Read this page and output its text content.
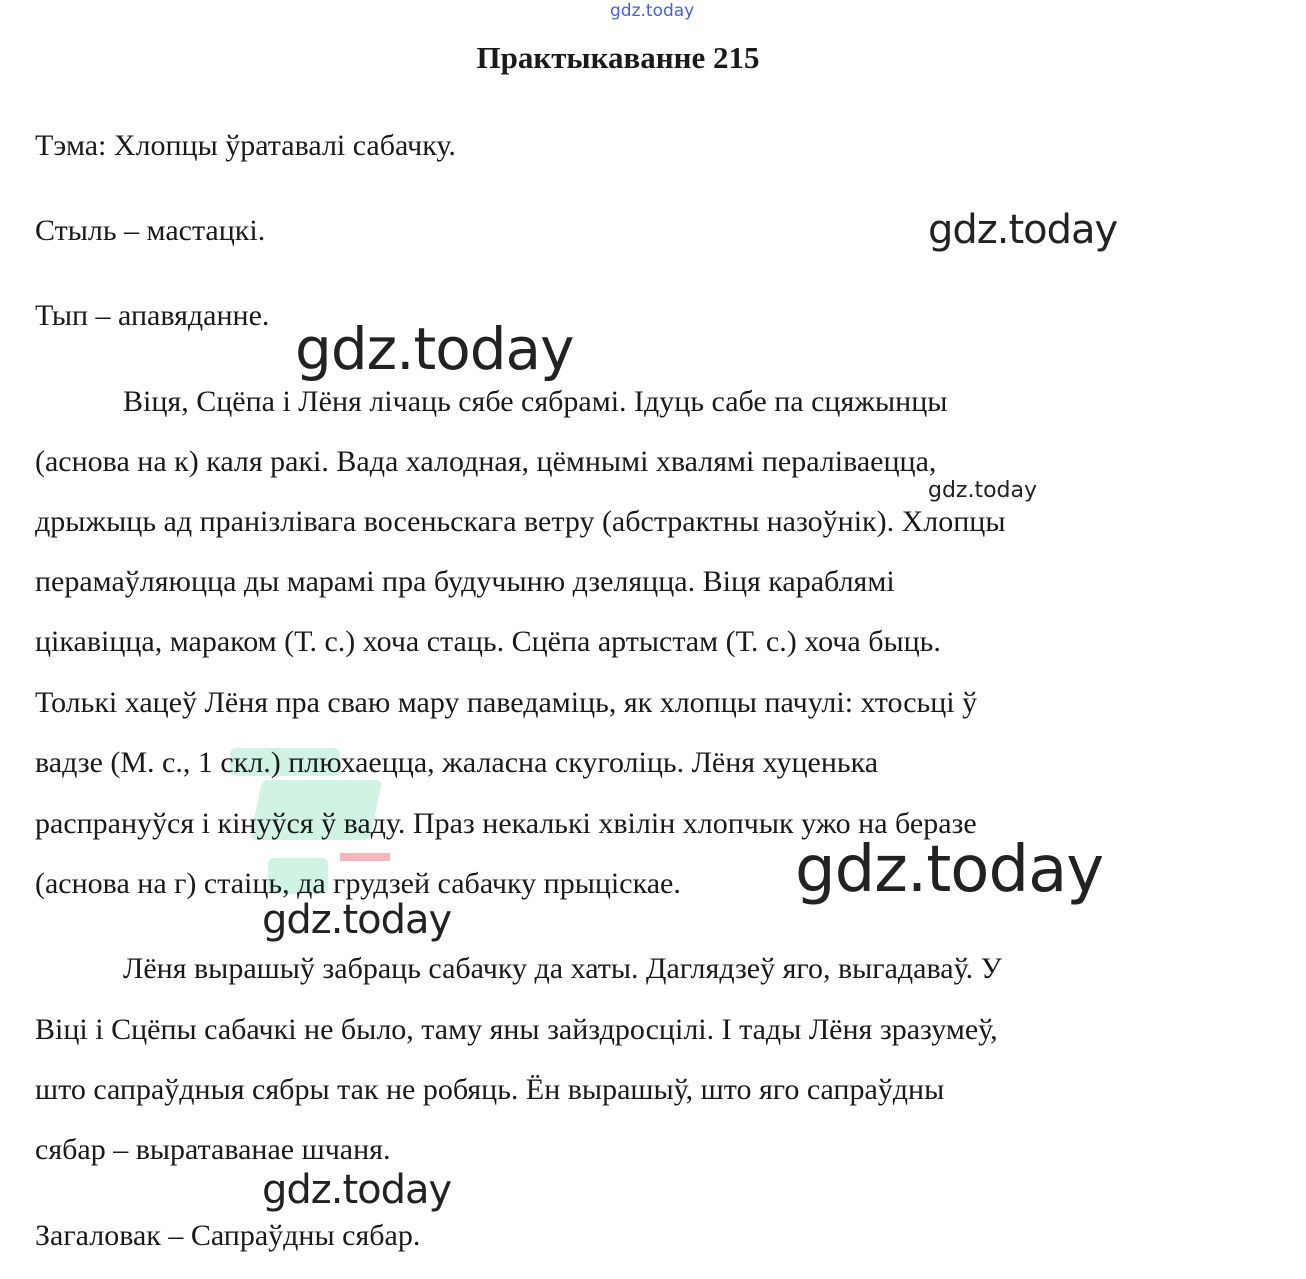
gdz.today
Практыкаванне 215
Тэма: Хлопцы ўратавалі сабачку.
Стыль – мастацкі.
Тып – апавяданне.
Віця, Сцёпа і Лёня лічаць сябе сябрамі. Ідуць сабе па сцяжынцы
(аснова на к) каля ракі. Вада халодная, цёмнымі хвалямі пераліваецца,
дрыжыць ад пранізлівага восеньскага ветру (абстрактны назоўнік). Хлопцы
перамаўляюцца ды марамі пра будучыню дзеляцца. Віця караблямі
цікавіцца, мараком (Т. с.) хоча стаць. Сцёпа артыстам (Т. с.) хоча быць.
Толькі хацеў Лёня пра сваю мару паведаміць, як хлопцы пачулі: хтосьці ў
вадзе (М. с., 1 скл.) плюхаецца, жаласна скуголіць. Лёня хуценька
распрануўся і кінуўся ў ваду. Праз некалькі хвілін хлопчык ужо на беразе
(аснова на г) стаіць, да грудзей сабачку прыціскае.
Лёня вырашыў забраць сабачку да хаты. Даглядзеў яго, выгадаваў. У
Віці і Сцёпы сабачкі не было, таму яны зайздросцілі. І тады Лёня зразумеў,
што сапраўдныя сябры так не робяць. Ён вырашыў, што яго сапраўдны
сябар – выратаванае шчаня.
Загаловак – Сапраўдны сябар.
gdz.today
gdz.today
gdz.today
gdz.today
gdz.today
gdz.today
